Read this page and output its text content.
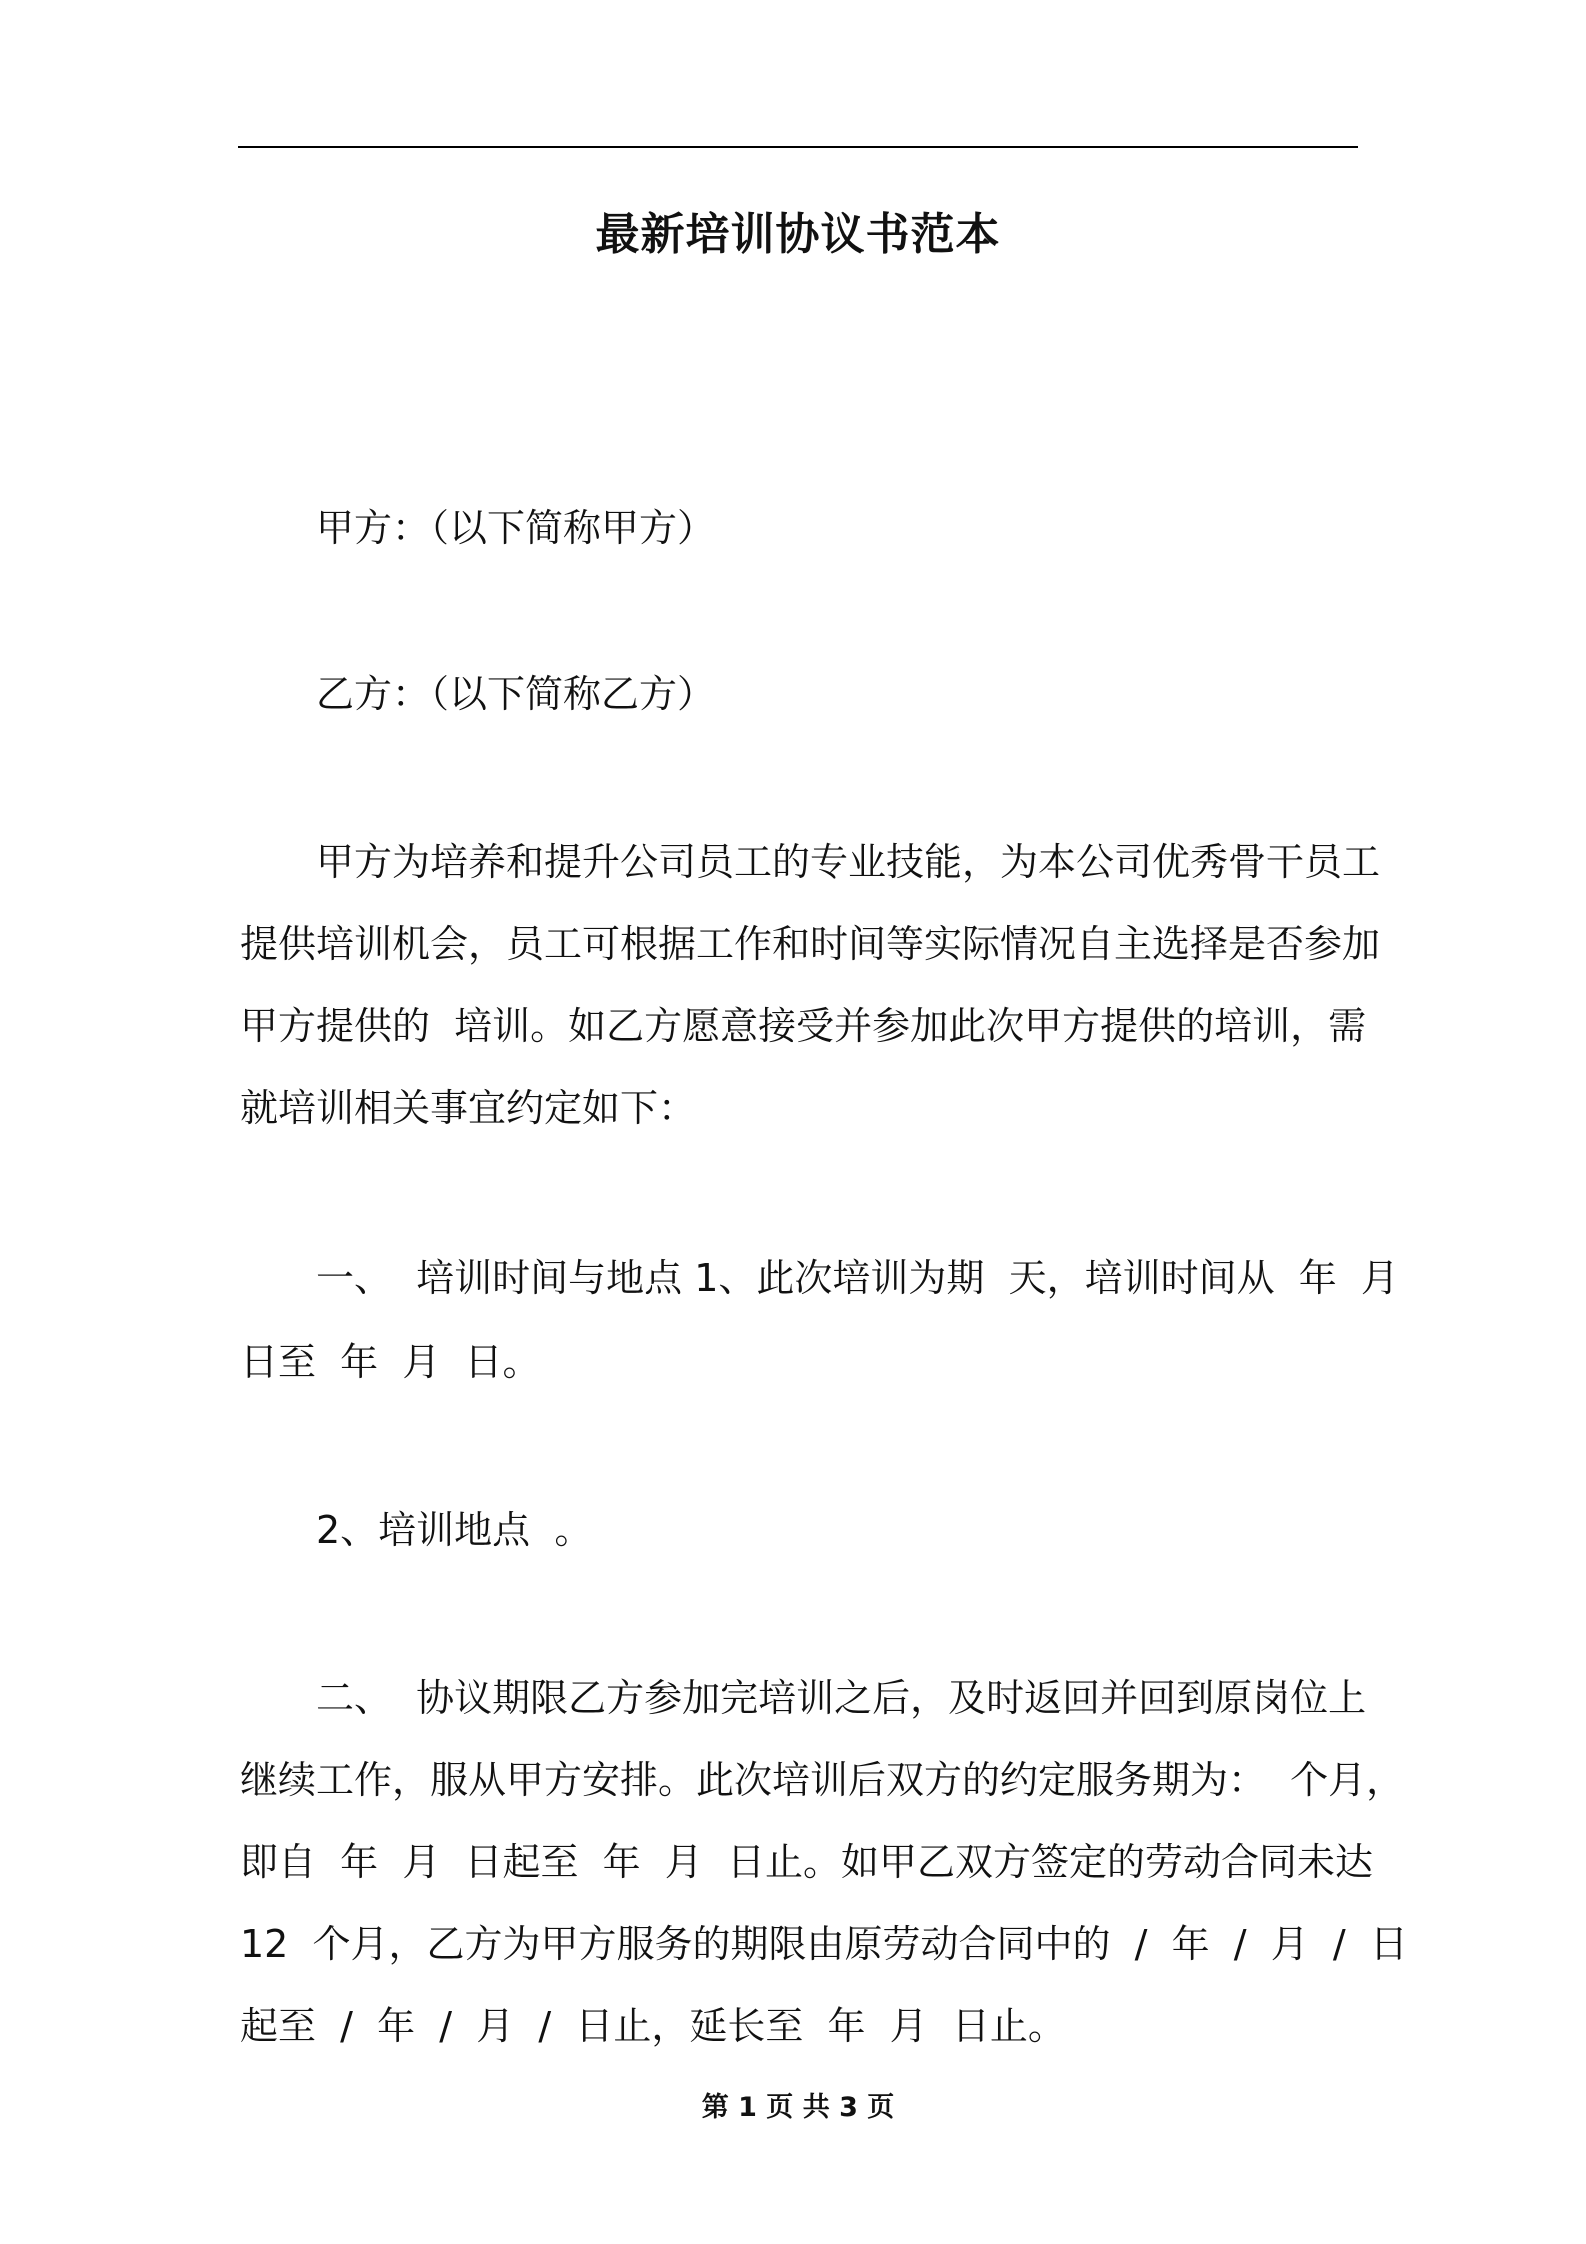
最新培训协议书范本
甲方：（以下简称甲方）
乙方：（以下简称乙方）
甲方为培养和提升公司员工的专业技能，为本公司优秀骨干员工
提供培训机会，员工可根据工作和时间等实际情况自主选择是否参加
甲方提供的  培训。如乙方愿意接受并参加此次甲方提供的培训，需
就培训相关事宜约定如下：
一、  培训时间与地点 1、此次培训为期  天，培训时间从  年  月
日至  年  月  日。
2、培训地点  。
二、  协议期限乙方参加完培训之后，及时返回并回到原岗位上
继续工作，服从甲方安排。此次培训后双方的约定服务期为：  个月，
即自  年  月  日起至  年  月  日止。如甲乙双方签定的劳动合同未达
12  个月，乙方为甲方服务的期限由原劳动合同中的  /  年  /  月  /  日
起至  /  年  /  月  /  日止，延长至  年  月  日止。
第 1 页 共 3 页
